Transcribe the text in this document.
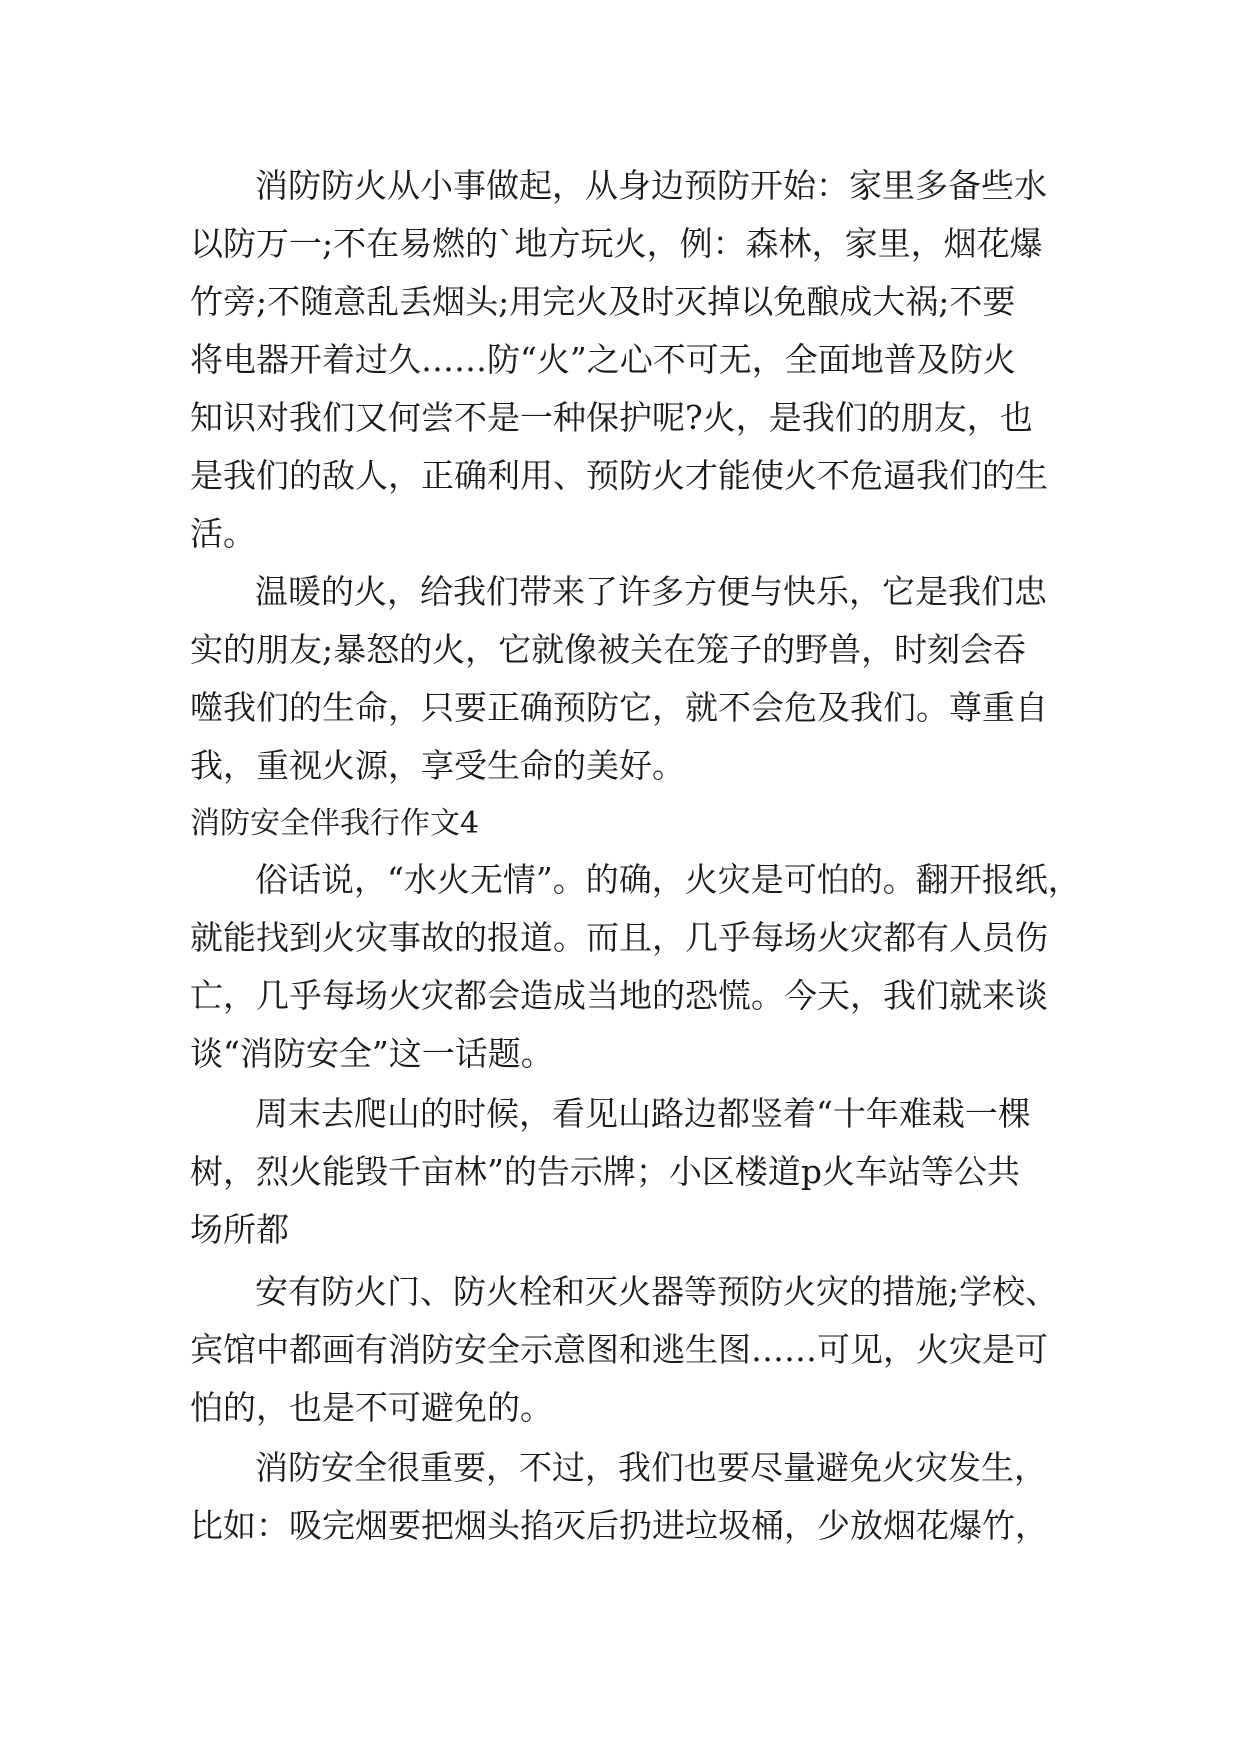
消防防火从小事做起，从身边预防开始：家里多备些水
以防万一;不在易燃的`地方玩火，例：森林，家里，烟花爆
竹旁;不随意乱丢烟头;用完火及时灭掉以免酿成大祸;不要
将电器开着过久……防“火”之心不可无，全面地普及防火
知识对我们又何尝不是一种保护呢?火，是我们的朋友，也
是我们的敌人，正确利用、预防火才能使火不危逼我们的生
活。
温暖的火，给我们带来了许多方便与快乐，它是我们忠
实的朋友;暴怒的火，它就像被关在笼子的野兽，时刻会吞
噬我们的生命，只要正确预防它，就不会危及我们。尊重自
我，重视火源，享受生命的美好。
消防安全伴我行作文4
俗话说，“水火无情”。的确，火灾是可怕的。翻开报纸，
就能找到火灾事故的报道。而且，几乎每场火灾都有人员伤
亡，几乎每场火灾都会造成当地的恐慌。今天，我们就来谈
谈“消防安全”这一话题。
周末去爬山的时候，看见山路边都竖着“十年难栽一棵
树，烈火能毁千亩林”的告示牌；小区楼道p火车站等公共
场所都
安有防火门、防火栓和灭火器等预防火灾的措施;学校、
宾馆中都画有消防安全示意图和逃生图……可见，火灾是可
怕的，也是不可避免的。
消防安全很重要，不过，我们也要尽量避免火灾发生，
比如：吸完烟要把烟头掐灭后扔进垃圾桶，少放烟花爆竹，
